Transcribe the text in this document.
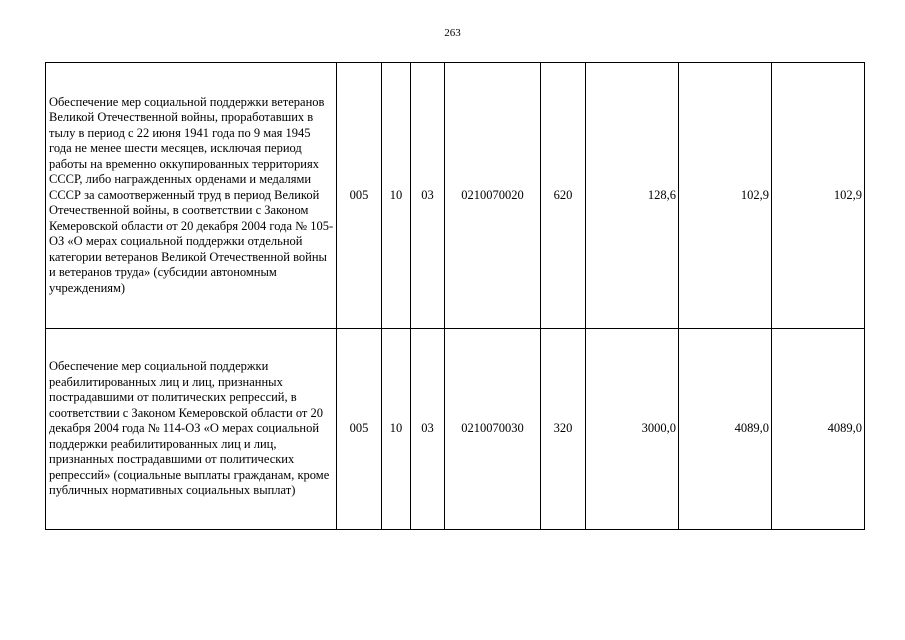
263
Обеспечение мер социальной поддержки ветеранов Великой Отечественной войны, проработавших в тылу в период с 22 июня 1941 года по 9 мая 1945 года не менее шести месяцев, исключая период работы на временно оккупированных территориях СССР, либо награжденных орденами и медалями СССР за самоотверженный труд в период Великой Отечественной войны, в соответствии с Законом Кемеровской области от 20 декабря 2004 года № 105-ОЗ «О мерах социальной поддержки отдельной категории ветеранов Великой Отечественной войны и ветеранов труда» (субсидии автономным учреждениям)	005	10	03	0210070020	620	128,6	102,9	102,9
Обеспечение мер социальной поддержки реабилитированных лиц и лиц, признанных пострадавшими от политических репрессий, в соответствии с Законом Кемеровской области от 20 декабря 2004 года № 114-ОЗ «О мерах социальной поддержки реабилитированных лиц и лиц, признанных пострадавшими от политических репрессий» (социальные выплаты гражданам, кроме публичных нормативных социальных выплат)	005	10	03	0210070030	320	3000,0	4089,0	4089,0
